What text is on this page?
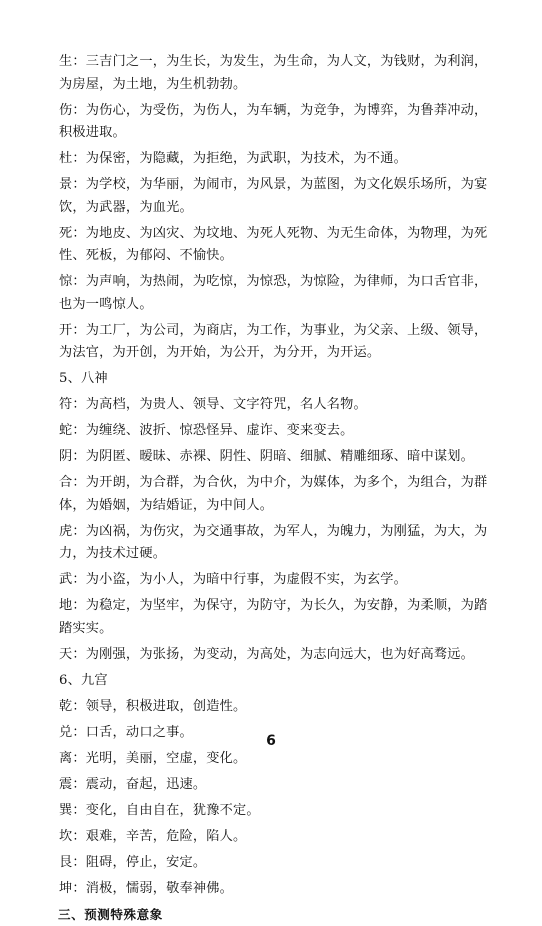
生：三吉门之一，为生长，为发生，为生命，为人文，为钱财，为利润，为房屋，为土地，为生机勃勃。

伤：为伤心，为受伤，为伤人，为车辆，为竞争，为博弈，为鲁莽冲动，积极进取。

杜：为保密，为隐藏，为拒绝，为武职，为技术，为不通。

景：为学校，为华丽，为闹市，为风景，为蓝图，为文化娱乐场所，为宴饮，为武器，为血光。

死：为地皮、为凶灾、为坟地、为死人死物、为无生命体，为物理，为死性、死板，为郁闷、不愉快。

惊：为声响，为热闹，为吃惊，为惊恐，为惊险，为律师，为口舌官非，也为一鸣惊人。

开：为工厂，为公司，为商店，为工作，为事业，为父亲、上级、领导，为法官，为开创，为开始，为公开，为分开，为开运。

5、八神

符：为高档，为贵人、领导、文字符咒，名人名物。

蛇：为缠绕、波折、惊恐怪异、虚诈、变来变去。

阴：为阴匿、暧昧、赤裸、阴性、阴暗、细腻、精雕细琢、暗中谋划。

合：为开朗，为合群，为合伙，为中介，为媒体，为多个，为组合，为群体，为婚姻，为结婚证，为中间人。

虎：为凶祸，为伤灾，为交通事故，为军人，为魄力，为刚猛，为大，为力，为技术过硬。

武：为小盗，为小人，为暗中行事，为虚假不实，为玄学。

地：为稳定，为坚牢，为保守，为防守，为长久，为安静，为柔顺，为踏踏实实。

天：为刚强，为张扬，为变动，为高处，为志向远大，也为好高骛远。

6、九宫

乾：领导，积极进取，创造性。

兑：口舌，动口之事。

离：光明，美丽，空虚，变化。

震：震动，奋起，迅速。

巽：变化，自由自在，犹豫不定。

坎：艰难，辛苦，危险，陷人。

艮：阻碍，停止，安定。

坤：消极，懦弱，敬奉神佛。

三、预测特殊意象

6
